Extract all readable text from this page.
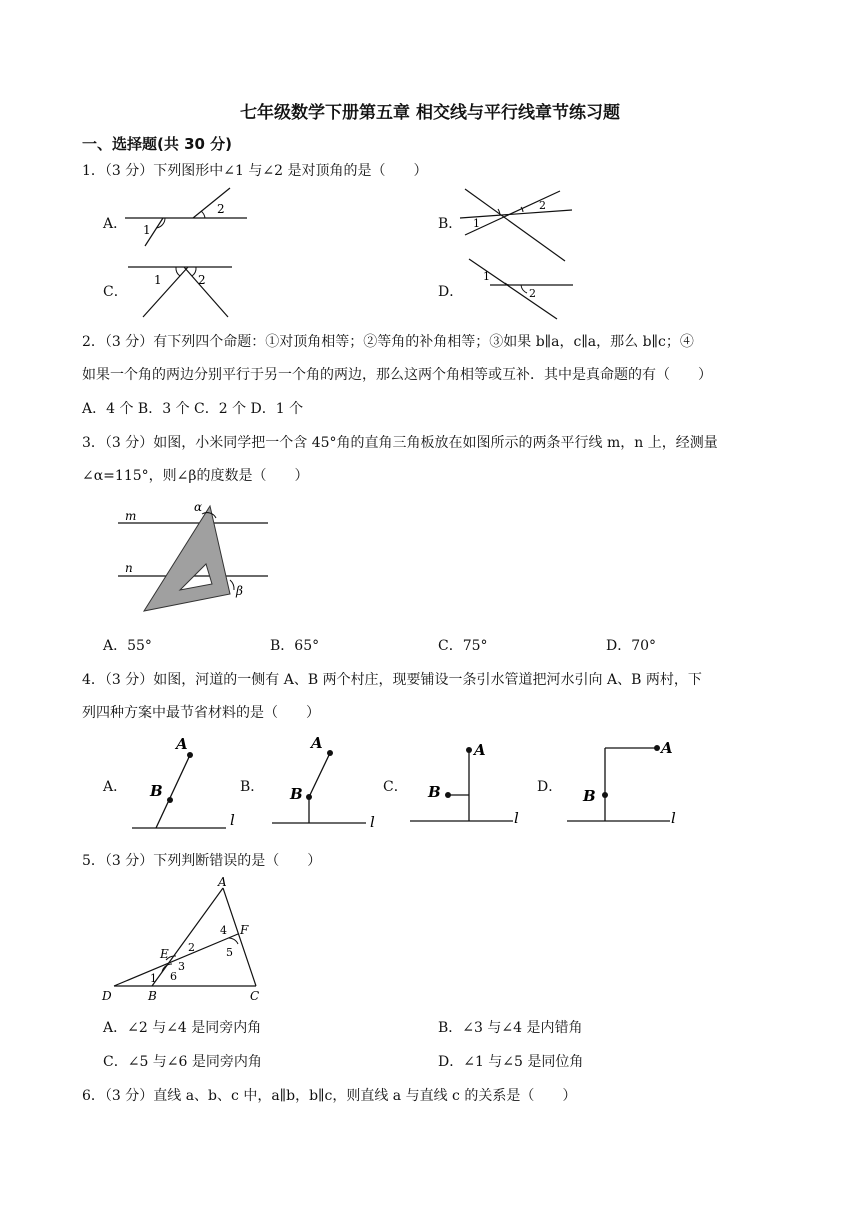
七年级数学下册第五章 相交线与平行线章节练习题
一、选择题(共 30 分)
1．（3 分）下列图形中∠1 与∠2 是对顶角的是（　　）
A．	B．
C．	D．
1
2
1
2
1	2	1
2
2．（3 分）有下列四个命题：①对顶角相等；②等角的补角相等；③如果 b∥a，c∥a，那么 b∥c；④
如果一个角的两边分别平行于另一个角的两边，那么这两个角相等或互补．其中是真命题的有（　　）
A．4 个 B．3 个 C．2 个 D．1 个
3．（3 分）如图，小米同学把一个含 45°角的直角三角板放在如图所示的两条平行线 m，n 上，经测量
∠α=115°，则∠β的度数是（　　）
m
n
α
β
A．55°	B．65°	C．75°	D．70°
4．（3 分）如图，河道的一侧有 A、B 两个村庄，现要铺设一条引水管道把河水引向 A、B 两村，下
列四种方案中最节省材料的是（　　）
A．	B．	C．	D．
A
B
l
A
B
l
A
B
l
A
B
l
5．（3 分）下列判断错误的是（　　）
A
B	C
D
E
F
1
2
3
4
5
6
A．∠2 与∠4 是同旁内角	B．∠3 与∠4 是内错角
C．∠5 与∠6 是同旁内角	D．∠1 与∠5 是同位角
6．（3 分）直线 a、b、c 中，a∥b，b∥c，则直线 a 与直线 c 的关系是（　　）
